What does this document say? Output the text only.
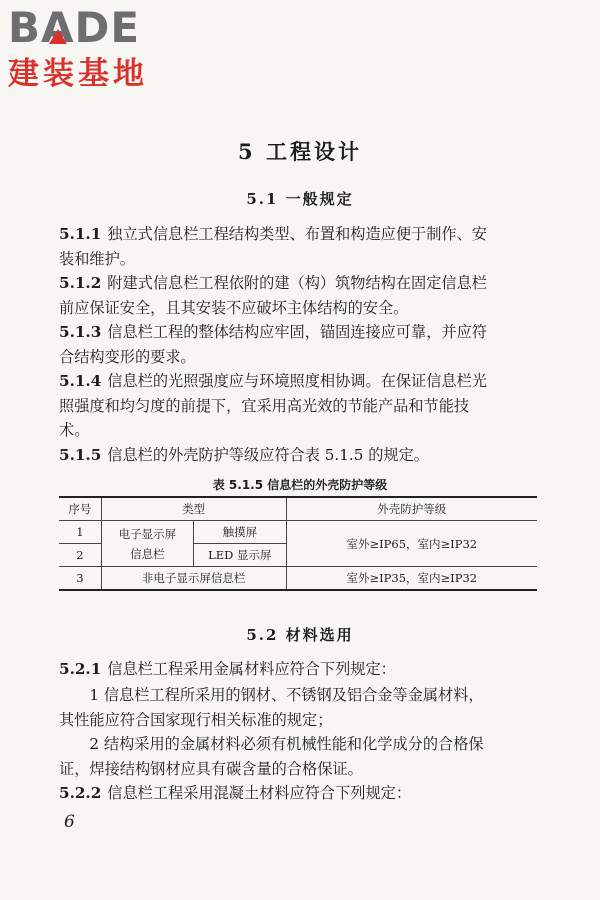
BA
DE
建装基地
5 工程设计
5.1 一般规定

5.1.1 独立式信息栏工程结构类型、布置和构造应便于制作、安装和维护。

5.1.2 附建式信息栏工程依附的建（构）筑物结构在固定信息栏前应保证安全，且其安装不应破坏主体结构的安全。

5.1.3 信息栏工程的整体结构应牢固，锚固连接应可靠，并应符合结构变形的要求。

5.1.4 信息栏的光照强度应与环境照度相协调。在保证信息栏光照强度和均匀度的前提下，宜采用高光效的节能产品和节能技术。

5.1.5 信息栏的外壳防护等级应符合表 5.1.5 的规定。

表 5.1.5 信息栏的外壳防护等级

序号	类型		外壳防护等级
1	电子显示屏
信息栏	触摸屏	室外≥IP65，室内≥IP32
2		LED 显示屏	
3	非电子显示屏信息栏		室外≥IP35，室内≥IP32
5.2 材料选用

5.2.1 信息栏工程采用金属材料应符合下列规定：

1 信息栏工程所采用的钢材、不锈钢及铝合金等金属材料，其性能应符合国家现行相关标准的规定；

2 结构采用的金属材料必须有机械性能和化学成分的合格保证，焊接结构钢材应具有碳含量的合格保证。

5.2.2 信息栏工程采用混凝土材料应符合下列规定：

6
